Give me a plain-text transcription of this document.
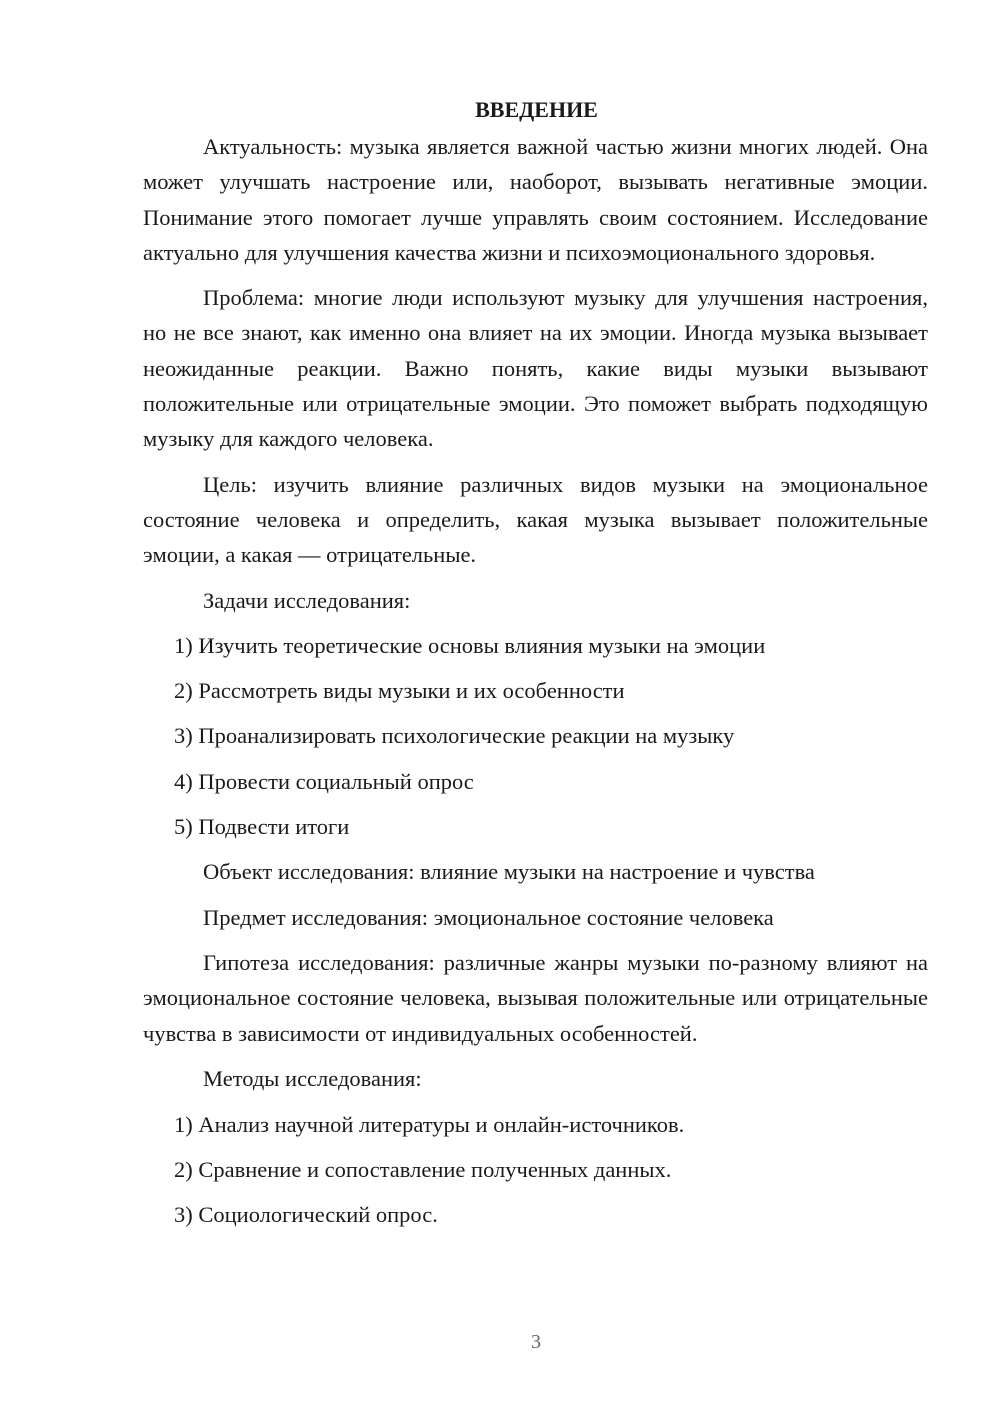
ВВЕДЕНИЕ

Актуальность: музыка является важной частью жизни многих людей. Она может улучшать настроение или, наоборот, вызывать негативные эмоции. Понимание этого помогает лучше управлять своим состоянием. Исследование актуально для улучшения качества жизни и психоэмоционального здоровья.

Проблема: многие люди используют музыку для улучшения настроения, но не все знают, как именно она влияет на их эмоции. Иногда музыка вызывает неожиданные реакции. Важно понять, какие виды музыки вызывают положительные или отрицательные эмоции. Это поможет выбрать подходящую музыку для каждого человека.

Цель: изучить влияние различных видов музыки на эмоциональное состояние человека и определить, какая музыка вызывает положительные эмоции, а какая — отрицательные.

Задачи исследования:

1) Изучить теоретические основы влияния музыки на эмоции
2) Рассмотреть виды музыки и их особенности
3) Проанализировать психологические реакции на музыку
4) Провести социальный опрос
5) Подвести итоги

Объект исследования: влияние музыки на настроение и чувства

Предмет исследования: эмоциональное состояние человека

Гипотеза исследования: различные жанры музыки по-разному влияют на эмоциональное состояние человека, вызывая положительные или отрицательные чувства в зависимости от индивидуальных особенностей.

Методы исследования:

1) Анализ научной литературы и онлайн-источников.
2) Сравнение и сопоставление полученных данных.
3) Социологический опрос.
3
